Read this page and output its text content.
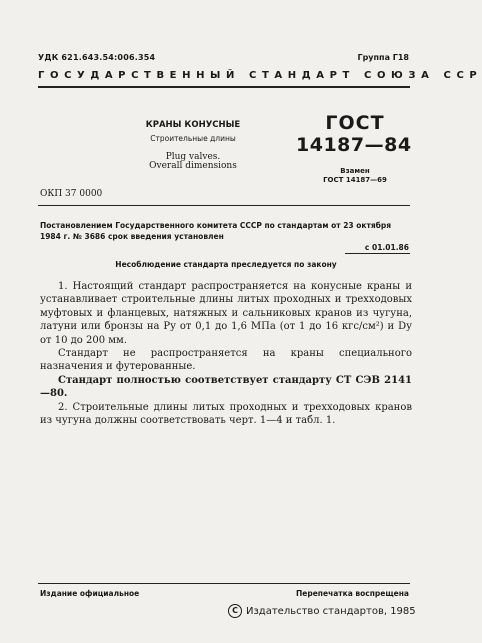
УДК 621.643.54:006.354	Группа Г18
ГОСУДАРСТВЕННЫЙ СТАНДАРТ СОЮЗА ССР
КРАНЫ КОНУСНЫЕ
Строительные длины
Plug valves.
Overall dimensions
ГОСТ
14187—84
Взамен
ГОСТ 14187—69
ОКП 37 0000
Постановлением Государственного комитета СССР по стандартам от 23 октября 1984 г. № 3686 срок введения установлен
с 01.01.86
Несоблюдение стандарта преследуется по закону

1. Настоящий стандарт распространяется на конусные краны и устанавливает строительные длины литых проходных и трехходовых муфтовых и фланцевых, натяжных и сальниковых кранов из чугуна, латуни или бронзы на Pу от 0,1 до 1,6 МПа (от 1 до 16 кгс/см²) и Dу от 10 до 200 мм.

Стандарт не распространяется на краны специального назначения и футерованные.

Стандарт полностью соответствует стандарту СТ СЭВ 2141—80.

2. Строительные длины литых проходных и трехходовых кранов из чугуна должны соответствовать черт. 1—4 и табл. 1.

Издание официальное	Перепечатка воспрещена
C Издательство стандартов, 1985
